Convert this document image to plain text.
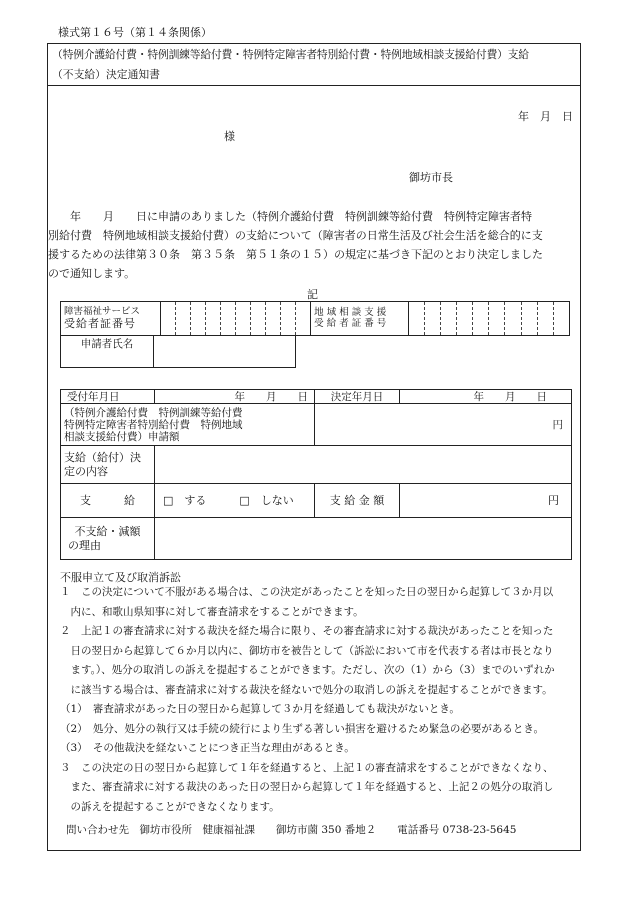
様式第１６号（第１４条関係）
（特例介護給付費・特例訓練等給付費・特例特定障害者特別給付費・特例地域相談支援給付費）支給
（不支給）決定通知書
年　月　日
様
御坊市長
　　年　　月　　日に申請のありました（特例介護給付費　特例訓練等給付費　特例特定障害者特
別給付費　特例地域相談支援給付費）の支給について（障害者の日常生活及び社会生活を総合的に支
援するための法律第３０条　第３５条　第５１条の１５）の規定に基づき下記のとおり決定しました
ので通知します。
記
障害福祉サービス
受給者証番号

地 域 相 談 支 援
受 給 者 証 番 号

申請者氏名	
受付年月日	年　　月　　日	決定年月日	年　　月　　日

（特例介護給付費　特例訓練等給付費
特例特定障害者特別給付費　特例地域
相談支援給付費）申請額		円	

支給（給付）決
定の内容			

支　　　給	□　する □　しない	支 給 金 額	円

不支給・減額
の理由			

不服申立て及び取消訴訟
１　この決定について不服がある場合は、この決定があったことを知った日の翌日から起算して３か月以
　内に、和歌山県知事に対して審査請求をすることができます。
２　上記１の審査請求に対する裁決を経た場合に限り、その審査請求に対する裁決があったことを知った
　日の翌日から起算して６か月以内に、御坊市を被告として（訴訟において市を代表する者は市長となり
　ます。）、処分の取消しの訴えを提起することができます。ただし、次の（1）から（3）までのいずれか
　に該当する場合は、審査請求に対する裁決を経ないで処分の取消しの訴えを提起することができます。
（1）　審査請求があった日の翌日から起算して３か月を経過しても裁決がないとき。
（2）　処分、処分の執行又は手続の続行により生ずる著しい損害を避けるため緊急の必要があるとき。
（3）　その他裁決を経ないことにつき正当な理由があるとき。
３　この決定の日の翌日から起算して１年を経過すると、上記１の審査請求をすることができなくなり、
　また、審査請求に対する裁決のあった日の翌日から起算して１年を経過すると、上記２の処分の取消し
　の訴えを提起することができなくなります。
問い合わせ先　御坊市役所　健康福祉課　　御坊市薗 350 番地２　　電話番号 0738-23-5645
